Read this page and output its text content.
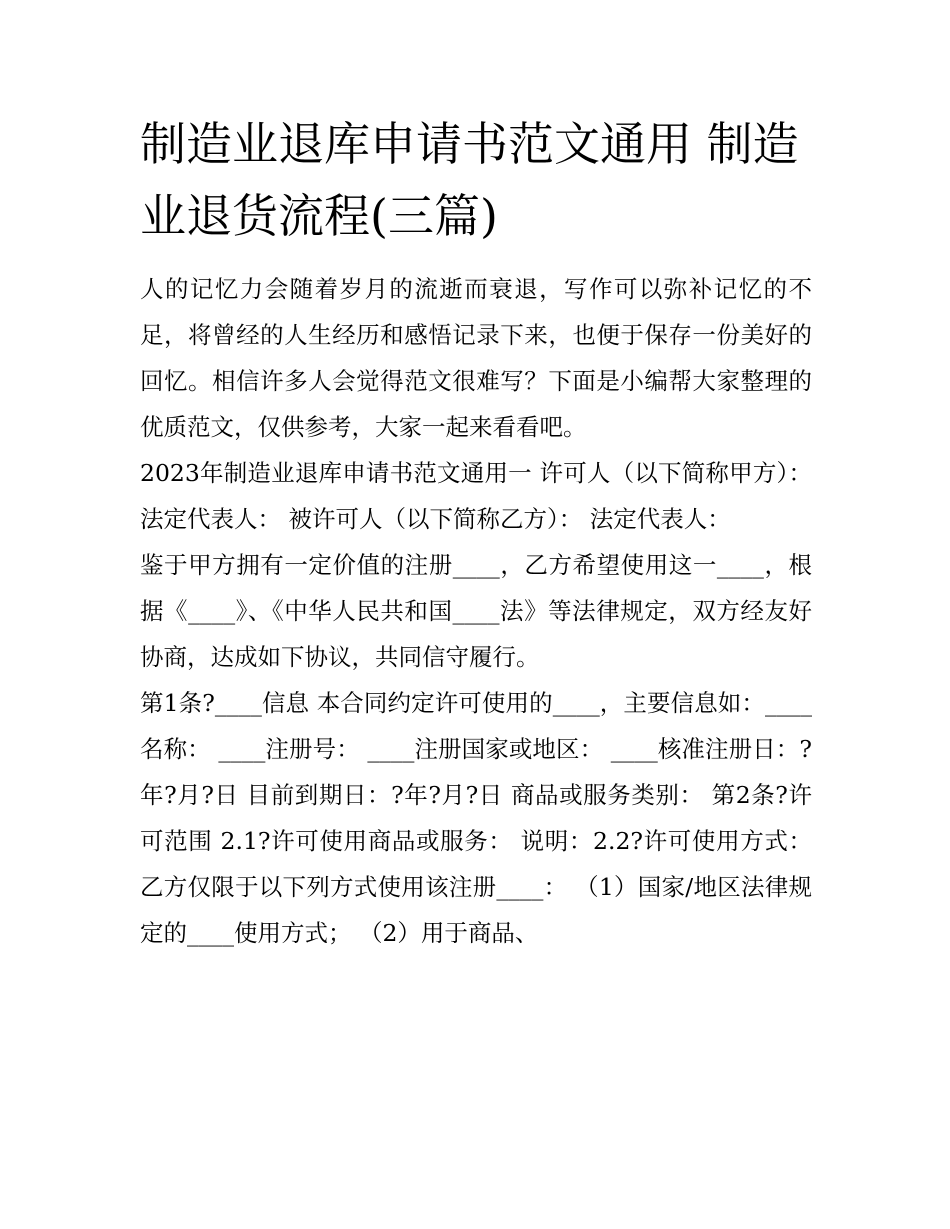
制造业退库申请书范文通用 制造业退货流程(三篇)

人的记忆力会随着岁月的流逝而衰退，写作可以弥补记忆的不足，将曾经的人生经历和感悟记录下来，也便于保存一份美好的回忆。相信许多人会觉得范文很难写？下面是小编帮大家整理的优质范文，仅供参考，大家一起来看看吧。

2023年制造业退库申请书范文通用一 许可人（以下简称甲方）： 法定代表人： 被许可人（以下简称乙方）： 法定代表人：

鉴于甲方拥有一定价值的注册____，乙方希望使用这一____，根据《____》、《中华人民共和国____法》等法律规定，双方经友好协商，达成如下协议，共同信守履行。

第1条?____信息 本合同约定许可使用的____，主要信息如：____名称： ____注册号： ____注册国家或地区： ____核准注册日：?年?月?日 目前到期日：?年?月?日 商品或服务类别： 第2条?许可范围 2.1?许可使用商品或服务： 说明：2.2?许可使用方式： 乙方仅限于以下列方式使用该注册____： （1）国家/地区法律规定的____使用方式； （2）用于商品、
